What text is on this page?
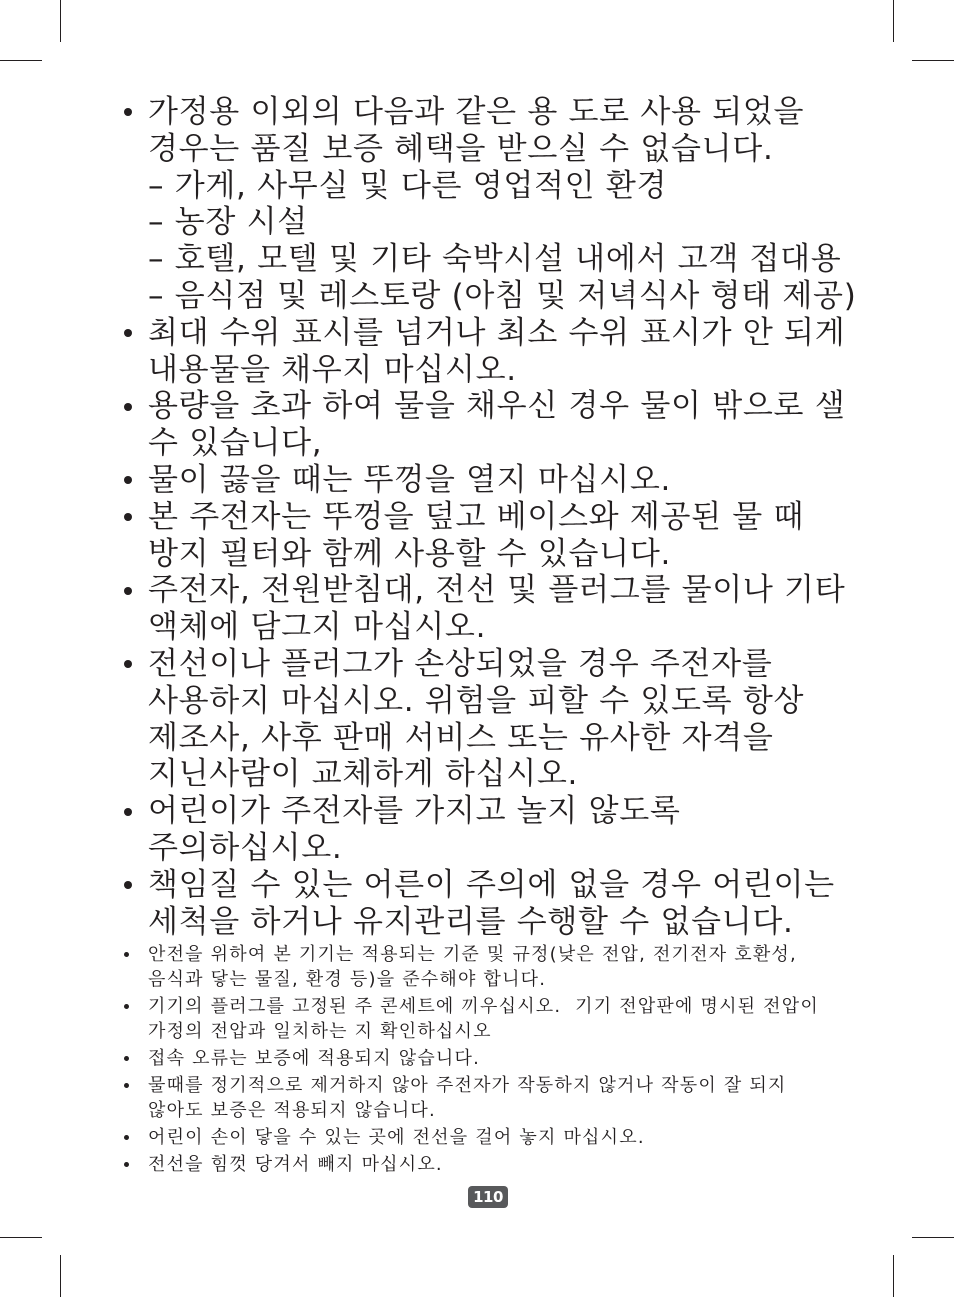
가정용 이외의 다음과 같은 용 도로 사용 되었을
경우는 품질 보증 혜택을 받으실 수 없습니다.
– 가게, 사무실 및 다른 영업적인 환경
– 농장 시설
– 호텔, 모텔 및 기타 숙박시설 내에서 고객 접대용
– 음식점 및 레스토랑 (아침 및 저녁식사 형태 제공)
최대 수위 표시를 넘거나 최소 수위 표시가 안 되게
내용물을 채우지 마십시오.
용량을 초과 하여 물을 채우신 경우 물이 밖으로 샐
수 있습니다,
물이 끓을 때는 뚜껑을 열지 마십시오.
본 주전자는 뚜껑을 덮고 베이스와 제공된 물 때
방지 필터와 함께 사용할 수 있습니다.
주전자, 전원받침대, 전선 및 플러그를 물이나 기타
액체에 담그지 마십시오.
전선이나 플러그가 손상되었을 경우 주전자를
사용하지 마십시오. 위험을 피할 수 있도록 항상
제조사, 사후 판매 서비스 또는 유사한 자격을
지닌사람이 교체하게 하십시오.
어린이가 주전자를 가지고 놀지 않도록
주의하십시오.
책임질 수 있는 어른이 주의에 없을 경우 어린이는
세척을 하거나 유지관리를 수행할 수 없습니다.
안전을 위하여 본 기기는 적용되는 기준 및 규정(낮은 전압, 전기전자 호환성,
음식과 닿는 물질, 환경 등)을 준수해야 합니다.
기기의 플러그를 고정된 주 콘세트에 끼우십시오.  기기 전압판에 명시된 전압이
가정의 전압과 일치하는 지 확인하십시오
접속 오류는 보증에 적용되지 않습니다.
물때를 정기적으로 제거하지 않아 주전자가 작동하지 않거나 작동이 잘 되지
않아도 보증은 적용되지 않습니다.
어린이 손이 닿을 수 있는 곳에 전선을 걸어 놓지 마십시오.
전선을 힘껏 당겨서 빼지 마십시오.
110
